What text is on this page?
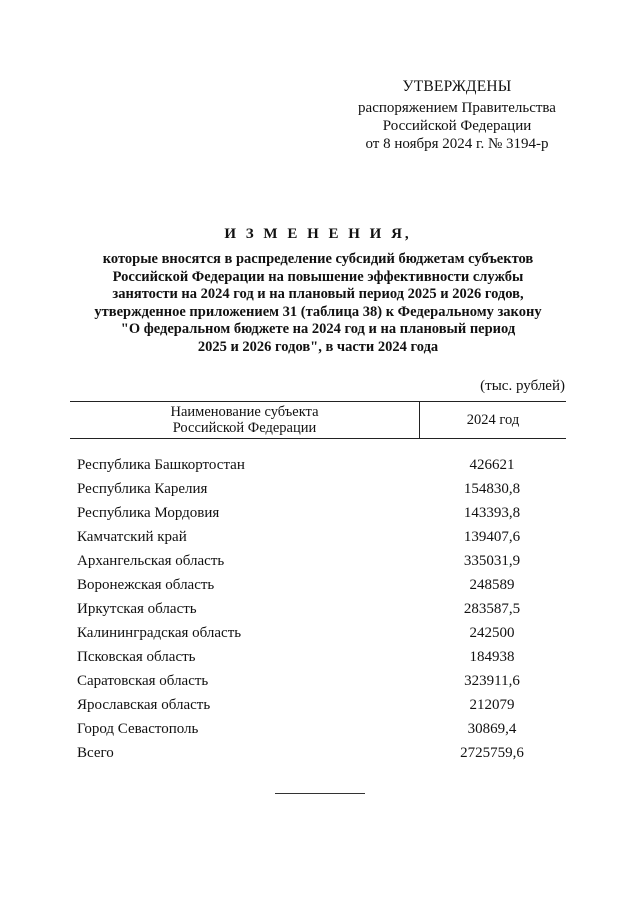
УТВЕРЖДЕНЫ
распоряжением Правительства
Российской Федерации
от 8 ноября 2024 г. № 3194-р
И З М Е Н Е Н И Я,
которые вносятся в распределение субсидий бюджетам субъектов
Российской Федерации на повышение эффективности службы
занятости на 2024 год и на плановый период 2025 и 2026 годов,
утвержденное приложением 31 (таблица 38) к Федеральному закону
"О федеральном бюджете на 2024 год и на плановый период
2025 и 2026 годов", в части 2024 года
(тыс. рублей)
Наименование субъекта
Российской Федерации
2024 год
Республика Башкортостан	426621
Республика Карелия	154830,8
Республика Мордовия	143393,8
Камчатский край	139407,6
Архангельская область	335031,9
Воронежская область	248589
Иркутская область	283587,5
Калининградская область	242500
Псковская область	184938
Саратовская область	323911,6
Ярославская область	212079
Город Севастополь	30869,4
Всего	2725759,6
